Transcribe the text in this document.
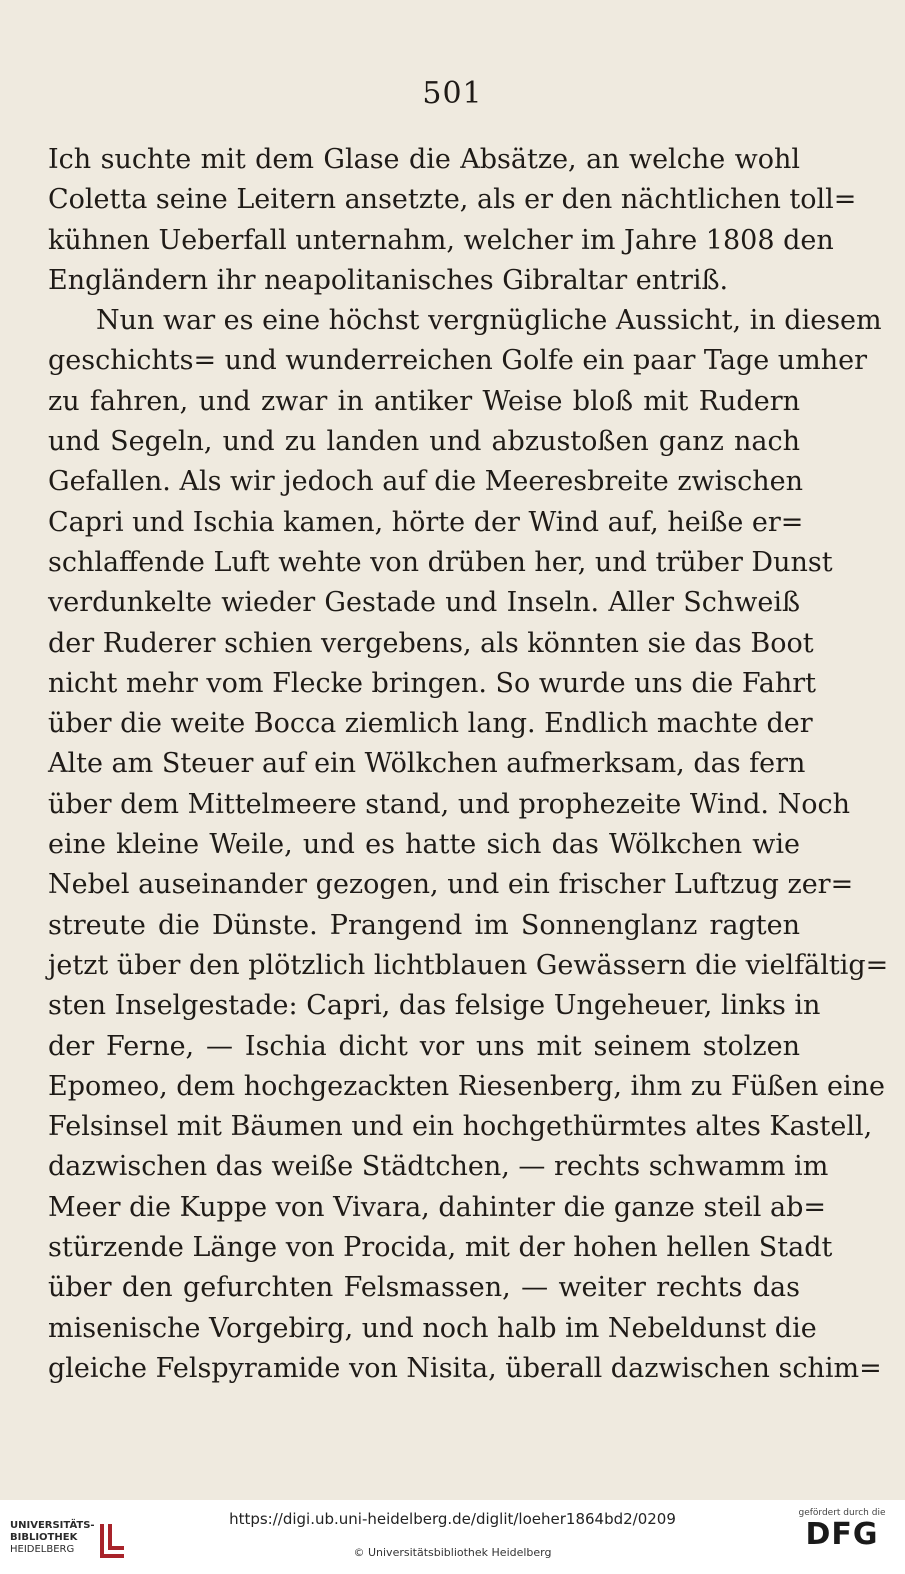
501
Ich suchte mit dem Glase die Absätze, an welche wohl
Coletta seine Leitern ansetzte, als er den nächtlichen toll=
kühnen Ueberfall unternahm, welcher im Jahre 1808 den
Engländern ihr neapolitanisches Gibraltar entriß.
Nun war es eine höchst vergnügliche Aussicht, in diesem
geschichts= und wunderreichen Golfe ein paar Tage umher
zu fahren, und zwar in antiker Weise bloß mit Rudern
und Segeln, und zu landen und abzustoßen ganz nach
Gefallen. Als wir jedoch auf die Meeresbreite zwischen
Capri und Ischia kamen, hörte der Wind auf, heiße er=
schlaffende Luft wehte von drüben her, und trüber Dunst
verdunkelte wieder Gestade und Inseln. Aller Schweiß
der Ruderer schien vergebens, als könnten sie das Boot
nicht mehr vom Flecke bringen. So wurde uns die Fahrt
über die weite Bocca ziemlich lang. Endlich machte der
Alte am Steuer auf ein Wölkchen aufmerksam, das fern
über dem Mittelmeere stand, und prophezeite Wind. Noch
eine kleine Weile, und es hatte sich das Wölkchen wie
Nebel auseinander gezogen, und ein frischer Luftzug zer=
streute die Dünste. Prangend im Sonnenglanz ragten
jetzt über den plötzlich lichtblauen Gewässern die vielfältig=
sten Inselgestade: Capri, das felsige Ungeheuer, links in
der Ferne, — Ischia dicht vor uns mit seinem stolzen
Epomeo, dem hochgezackten Riesenberg, ihm zu Füßen eine
Felsinsel mit Bäumen und ein hochgethürmtes altes Kastell,
dazwischen das weiße Städtchen, — rechts schwamm im
Meer die Kuppe von Vivara, dahinter die ganze steil ab=
stürzende Länge von Procida, mit der hohen hellen Stadt
über den gefurchten Felsmassen, — weiter rechts das
misenische Vorgebirg, und noch halb im Nebeldunst die
gleiche Felspyramide von Nisita, überall dazwischen schim=
UNIVERSITÄTS-
BIBLIOTHEK
HEIDELBERG
https://digi.ub.uni-heidelberg.de/diglit/loeher1864bd2/0209
© Universitätsbibliothek Heidelberg
gefördert durch die
DFG
